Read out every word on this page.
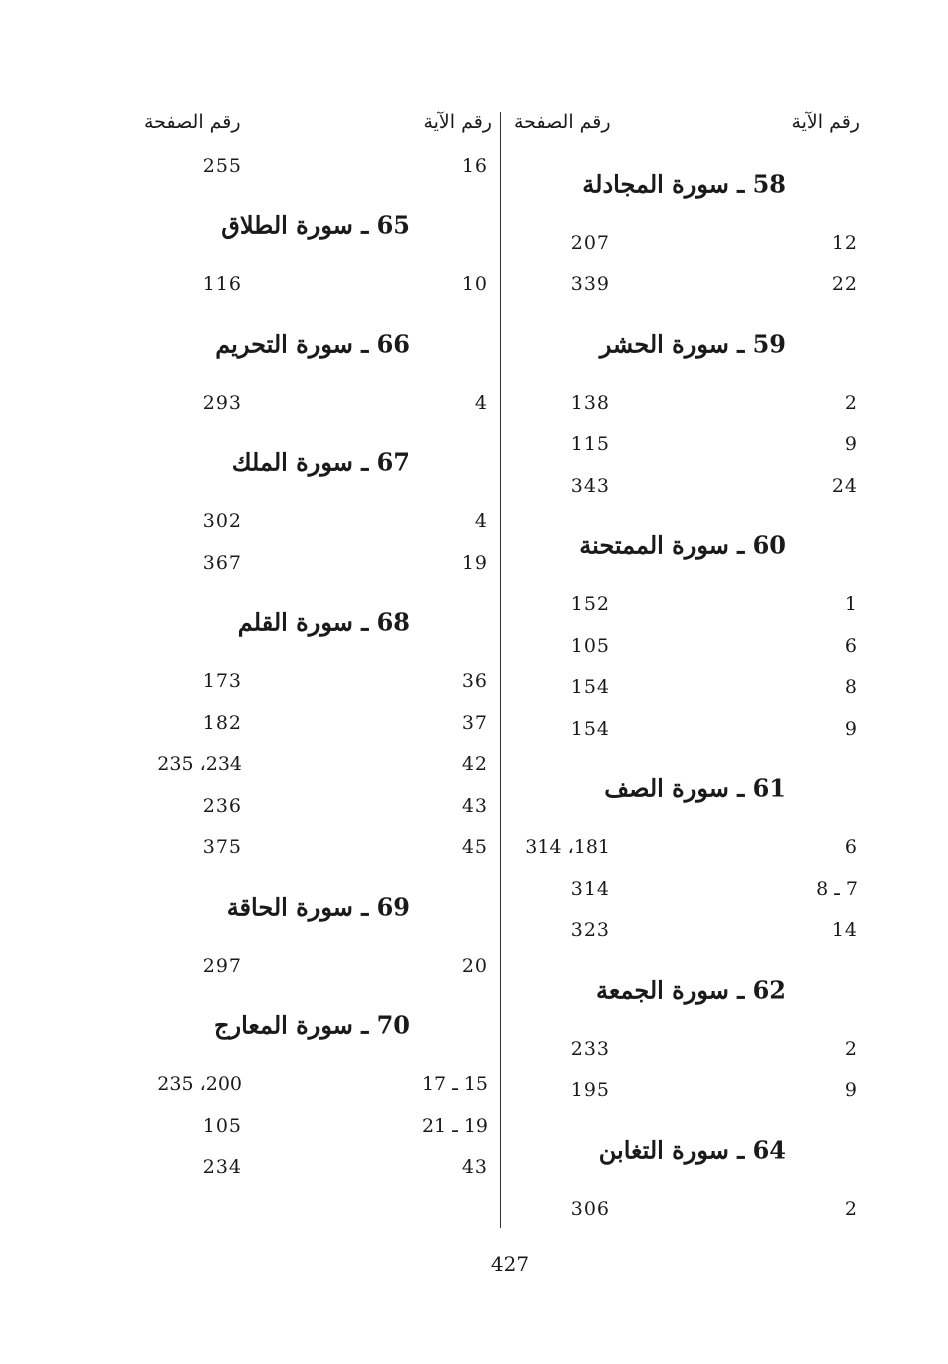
رقم الآية
رقم الصفحة
58 ـ سورة المجادلة
12
207
22
339
59 ـ سورة الحشر
2
138
9
115
24
343
60 ـ سورة الممتحنة
1
152
6
105
8
154
9
154
61 ـ سورة الصف
6
181، 314
7 ـ 8
314
14
323
62 ـ سورة الجمعة
2
233
9
195
64 ـ سورة التغابن
2
306
رقم الآية
رقم الصفحة
16
255
65 ـ سورة الطلاق
10
116
66 ـ سورة التحريم
4
293
67 ـ سورة الملك
4
302
19
367
68 ـ سورة القلم
36
173
37
182
42
234، 235
43
236
45
375
69 ـ سورة الحاقة
20
297
70 ـ سورة المعارج
15 ـ 17
200، 235
19 ـ 21
105
43
234
427
